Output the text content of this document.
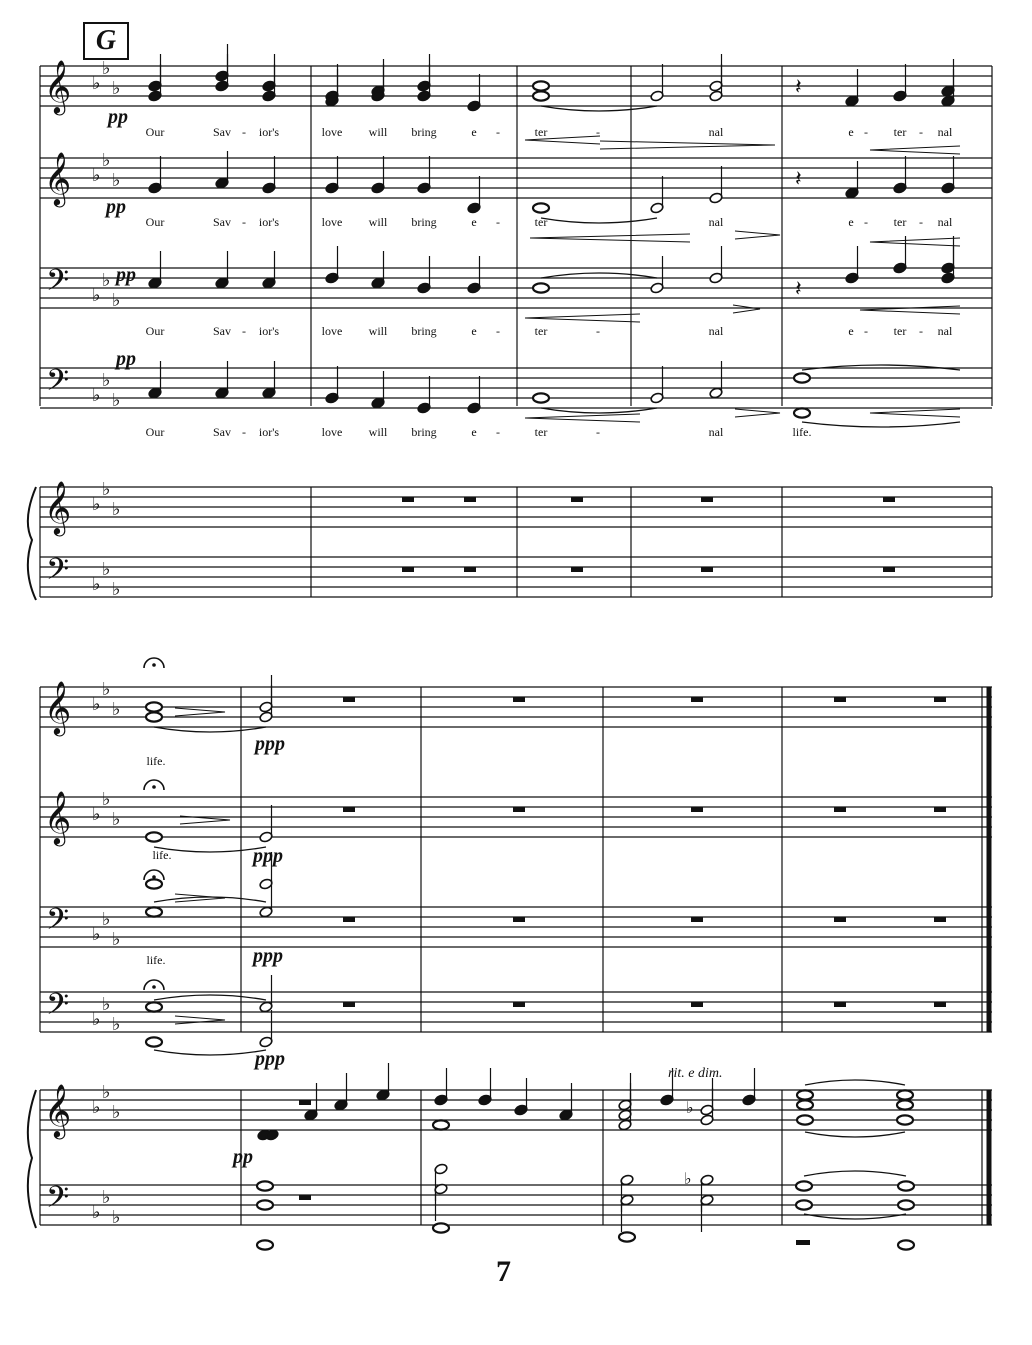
𝄞 ♭
♭
♭
𝄞 ♭
♭
♭
𝄢 ♭
♭
♭
𝄢 ♭
♭
♭
𝄞 ♭
♭
♭
𝄢 ♭
♭
♭
𝄽
𝄽
𝄽
𝄞 ♭
♭
♭
𝄞 ♭
♭
♭
𝄢 ♭
♭
♭
𝄢 ♭
♭
♭
𝄞 ♭
♭
♭
𝄢 ♭
♭
♭
♭
♭
G
Our	Sav - ior's	love will bring	e -	ter	-	nal	e - ter - nal
Our	Sav - ior's	love will bring	e -	ter	-	nal	e - ter - nal
Our	Sav - ior's	love will bring	e -	ter	-	nal	e - ter - nal
Our	Sav - ior's	love will bring	e -	ter	-	nal	life.
pp
pp
pp
pp
life.
life.
life.
ppp
ppp
ppp
ppp
pp
rit. e dim.
7
